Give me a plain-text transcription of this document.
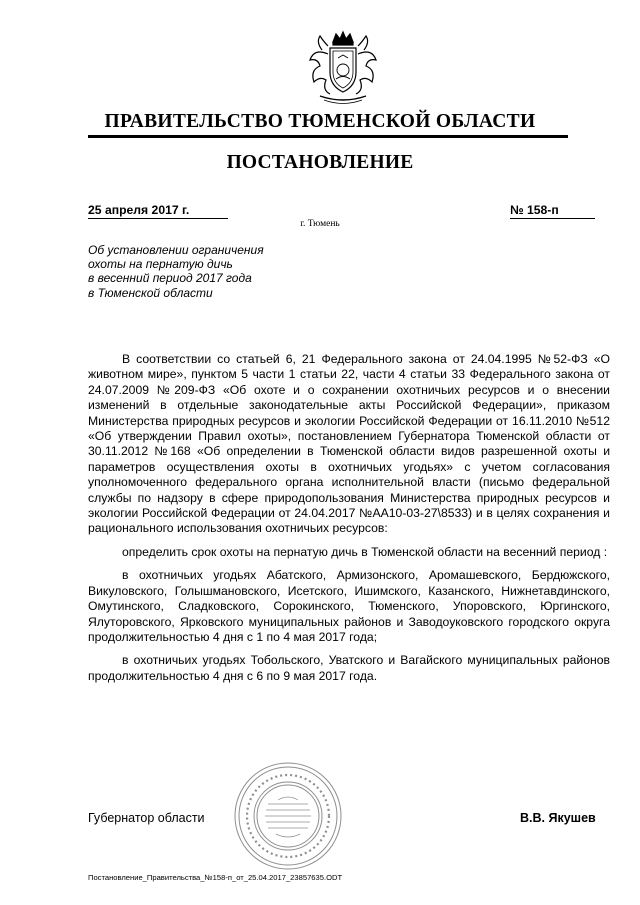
ПРАВИТЕЛЬСТВО ТЮМЕНСКОЙ ОБЛАСТИ
ПОСТАНОВЛЕНИЕ
25 апреля 2017 г.	№ 158-п
г. Тюмень
Об установлении ограничения
охоты на пернатую дичь
в весенний период 2017 года
в Тюменской области

В соответствии со статьей 6, 21 Федерального закона от 24.04.1995 №52-ФЗ «О животном мире», пунктом 5 части 1 статьи 22, части 4 статьи 33 Федерального закона от 24.07.2009 №209-ФЗ «Об охоте и о сохранении охотничьих ресурсов и о внесении изменений в отдельные законодательные акты Российской Федерации», приказом Министерства природных ресурсов и экологии Российской Федерации от 16.11.2010 №512 «Об утверждении Правил охоты», постановлением Губернатора Тюменской области от 30.11.2012 №168 «Об определении в Тюменской области видов разрешенной охоты и параметров осуществления охоты в охотничьих угодьях» с учетом согласования уполномоченного федерального органа исполнительной власти (письмо федеральной службы по надзору в сфере природопользования Министерства природных ресурсов и экологии Российской Федерации от 24.04.2017 №АА10-03-27\8533) и в целях сохранения и рационального использования охотничьих ресурсов:

определить срок охоты на пернатую дичь в Тюменской области на весенний период :

в охотничьих угодьях Абатского, Армизонского, Аромашевского, Бердюжского, Викуловского, Голышмановского, Исетского, Ишимского, Казанского, Нижнетавдинского, Омутинского, Сладковского, Сорокинского, Тюменского, Упоровского, Юргинского, Ялуторовского, Ярковского муниципальных районов и Заводоуковского городского округа продолжительностью 4 дня с 1 по 4 мая 2017 года;

в охотничьих угодьях Тобольского, Уватского и Вагайского муниципальных районов продолжительностью 4 дня с 6 по 9 мая 2017 года.

Губернатор области	В.В. Якушев
Постановление_Правительства_№158-п_от_25.04.2017_23857635.ODT
